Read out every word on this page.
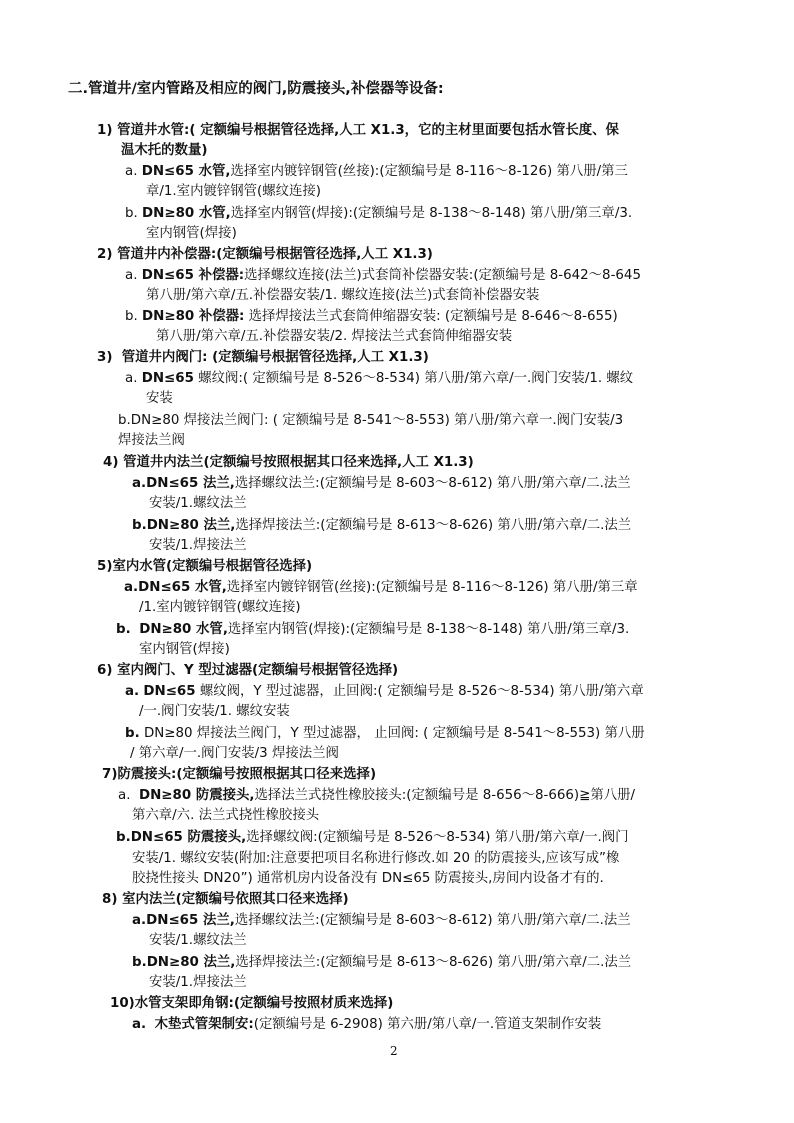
二.管道井/室内管路及相应的阀门,防震接头,补偿器等设备:
1) 管道井水管:( 定额编号根据管径选择,人工 X1.3，它的主材里面要包括水管长度、保
温木托的数量)
a. DN≤65 水管,选择室内镀锌钢管(丝接):(定额编号是 8-116～8-126) 第八册/第三
章/1.室内镀锌钢管(螺纹连接)
b. DN≥80 水管,选择室内钢管(焊接):(定额编号是 8-138～8-148) 第八册/第三章/3.
室内钢管(焊接)
2) 管道井内补偿器:(定额编号根据管径选择,人工 X1.3)
a. DN≤65 补偿器:选择螺纹连接(法兰)式套筒补偿器安装:(定额编号是 8-642～8-645
第八册/第六章/五.补偿器安装/1. 螺纹连接(法兰)式套筒补偿器安装
b. DN≥80 补偿器: 选择焊接法兰式套筒伸缩器安装: (定额编号是 8-646～8-655)
第八册/第六章/五.补偿器安装/2. 焊接法兰式套筒伸缩器安装
3) 管道井内阀门: (定额编号根据管径选择,人工 X1.3)
a. DN≤65 螺纹阀:( 定额编号是 8-526～8-534) 第八册/第六章/一.阀门安装/1. 螺纹
安装
b.DN≥80 焊接法兰阀门: ( 定额编号是 8-541～8-553) 第八册/第六章一.阀门安装/3
焊接法兰阀
4) 管道井内法兰(定额编号按照根据其口径来选择,人工 X1.3)
a.DN≤65 法兰,选择螺纹法兰:(定额编号是 8-603～8-612) 第八册/第六章/二.法兰
安装/1.螺纹法兰
b.DN≥80 法兰,选择焊接法兰:(定额编号是 8-613～8-626) 第八册/第六章/二.法兰
安装/1.焊接法兰
5)室内水管(定额编号根据管径选择)
a.DN≤65 水管,选择室内镀锌钢管(丝接):(定额编号是 8-116～8-126) 第八册/第三章
/1.室内镀锌钢管(螺纹连接)
b. DN≥80 水管,选择室内钢管(焊接):(定额编号是 8-138～8-148) 第八册/第三章/3.
室内钢管(焊接)
6) 室内阀门、Y 型过滤器(定额编号根据管径选择)
a. DN≤65 螺纹阀，Y 型过滤器，止回阀:( 定额编号是 8-526～8-534) 第八册/第六章
/一.阀门安装/1. 螺纹安装
b. DN≥80 焊接法兰阀门，Y 型过滤器， 止回阀: ( 定额编号是 8-541～8-553) 第八册
/ 第六章/一.阀门安装/3 焊接法兰阀
7)防震接头:(定额编号按照根据其口径来选择)
a. DN≥80 防震接头,选择法兰式挠性橡胶接头:(定额编号是 8-656～8-666)≧第八册/
第六章/六. 法兰式挠性橡胶接头
b.DN≤65 防震接头,选择螺纹阀:(定额编号是 8-526～8-534) 第八册/第六章/一.阀门
安装/1. 螺纹安装(附加:注意要把项目名称进行修改.如 20 的防震接头,应该写成”橡
胶挠性接头 DN20”) 通常机房内设备没有 DN≤65 防震接头,房间内设备才有的.
8) 室内法兰(定额编号依照其口径来选择)
a.DN≤65 法兰,选择螺纹法兰:(定额编号是 8-603～8-612) 第八册/第六章/二.法兰
安装/1.螺纹法兰
b.DN≥80 法兰,选择焊接法兰:(定额编号是 8-613～8-626) 第八册/第六章/二.法兰
安装/1.焊接法兰
10)水管支架即角钢:(定额编号按照材质来选择)
a. 木垫式管架制安:(定额编号是 6-2908) 第六册/第八章/一.管道支架制作安装
2
